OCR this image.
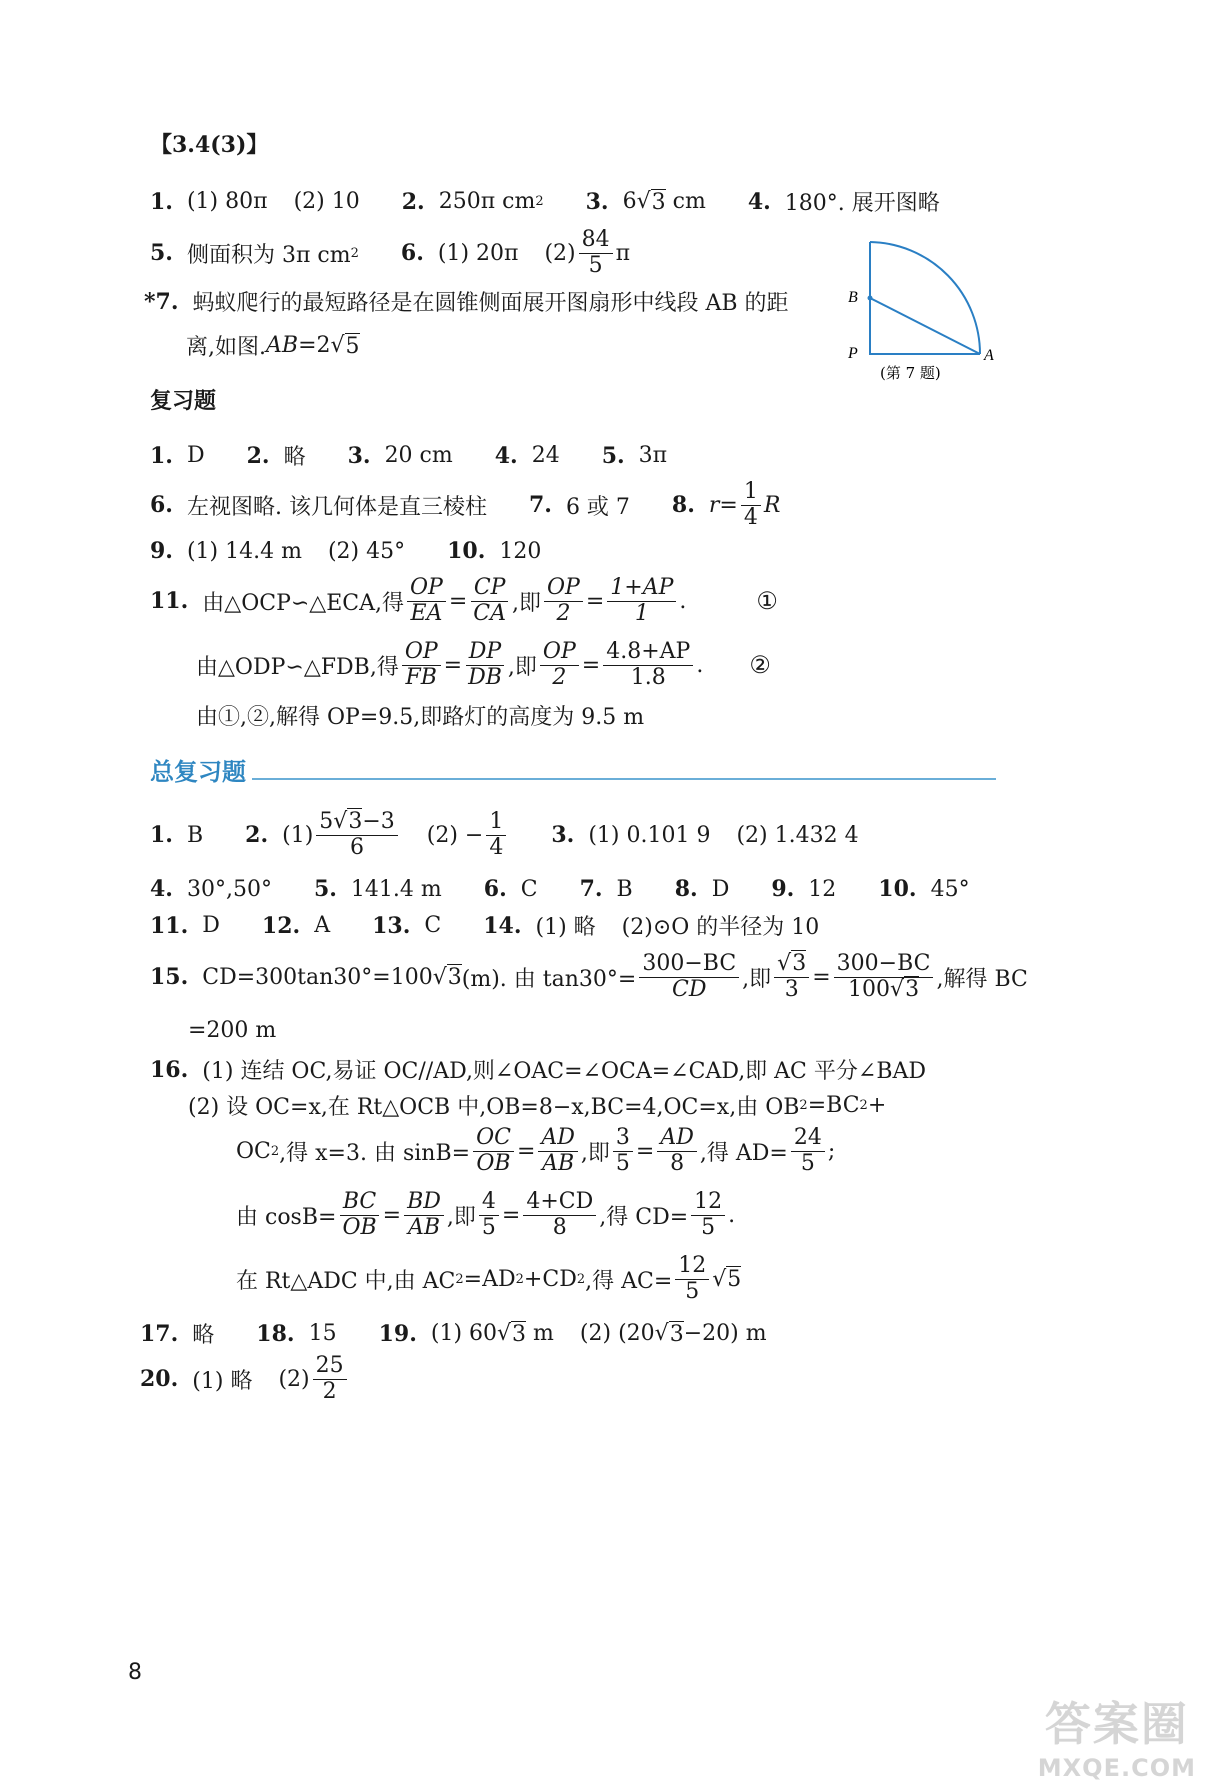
【3.4(3)】
1. (1) 80π (2) 10 2. 250π cm 2 3. 6 √ 3
cm 4. 180°. 展开图略
5. 侧面积为 3π cm 2 6. (1) 20π $(2) \frac{84}{5}$ π
*7. 蚂蚁爬行的最短路径是在圆锥侧面展开图扇形中线段 AB 的距
离,如图. AB =2 √ 5
B
P	A
(第 7 题)
复习题
1. D 2. 略 3. 20 cm 4. 24 5. 3π
6. 左视图略. 该几何体是直三棱柱 7. 6 或 7 8. $r = \frac{1}{4}$ R
9. (1) 14.4 m (2) 45° 10. 120
11. 由△OCP∽△ECA,得 $\frac{OP}{EA} = \frac{CP}{CA}$ ,即 $\frac{OP}{2} = \frac{1+AP}{1}$ .	①
由△ODP∽△FDB,得 $\frac{OP}{FB} = \frac{DP}{DB}$ ,即 $\frac{OP}{2} = \frac{4.8+AP}{1.8}$ . ②
由①,②,解得 OP=9.5,即路灯的高度为 9.5 m
总复习题
1. B 2. $(1) \frac{5√3-3}{6} (2) - \frac{1}{4} 3$. (1) 0.101 9 (2) 1.432 4
4. 30°,50° 5. 141.4 m 6. C 7. B 8. D 9. 12 10. 45°
11. D 12. A 13. C 14. (1) 略 (2)⊙O 的半径为 10
15. CD=300tan30°=100 √ 3 (m). 由 $\tan 30^\circ= \frac{300-BC}{CD}$ ,即 $\frac{√3}{3} = \frac{300-BC}{100√3}$ ,解得 BC
=200 m
16. (1) 连结 OC,易证 OC//AD,则∠OAC=∠OCA=∠CAD,即 AC 平分∠BAD
(2) 设 OC=x,在 Rt△OCB 中,OB=8−x,BC=4,OC=x,由 OB 2 =BC 2 +
OC 2 ,得 x=3. 由 $\sin B= \frac{OC}{OB} = \frac{AD}{AB}$ ,即 $\frac{3}{5} = \frac{AD}{8}$ ,得 $AD= \frac{24}{5}$ ;
由 $\cos B= \frac{BC}{OB} = \frac{BD}{AB}$ ,即 $\frac{4}{5} = \frac{4+CD}{8}$ ,得 $CD= \frac{12}{5}$ .
在 Rt△ADC 中,由 AC 2 =AD 2 +CD 2 ,得 $AC= \frac{12}{5}$ √ 5
17. 略 18. 15 19. (1) 60 √ 3
m (2) (20 √ 3 −20) m
20. (1) 略 $(2) \frac{25}{2}$
8
答案圈
MXQE.COM
